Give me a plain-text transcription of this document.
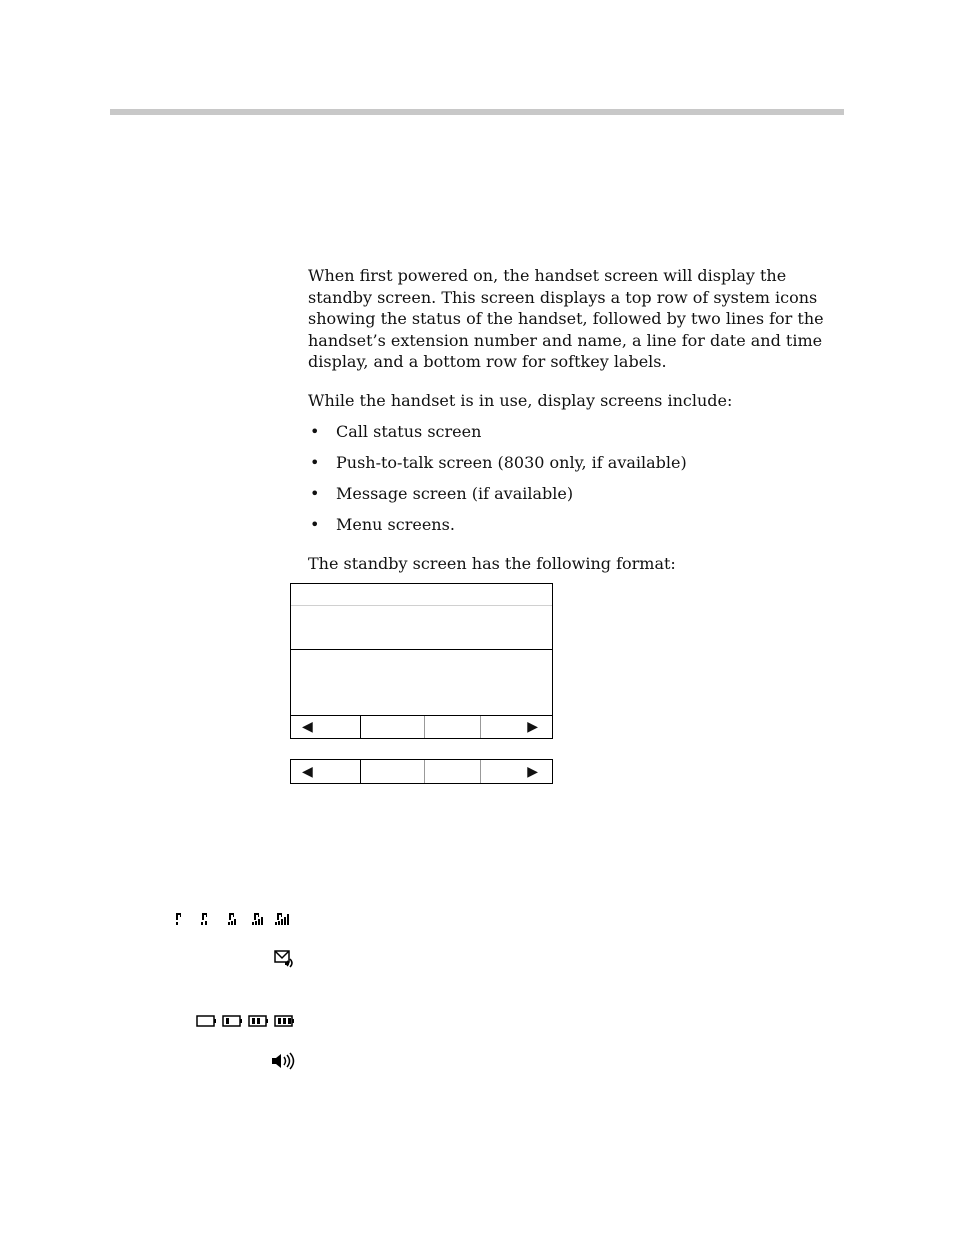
When first powered on, the handset screen will display the standby screen. This screen displays a top row of system icons showing the status of the handset, followed by two lines for the handset’s extension number and name, a line for date and time display, and a bottom row for softkey labels.
While the handset is in use, display screens include:
• Call status screen
• Push-to-talk screen (8030 only, if available)
• Message screen (if available)
• Menu screens.
The standby screen has the following format:
◀	▶
◀	▶
